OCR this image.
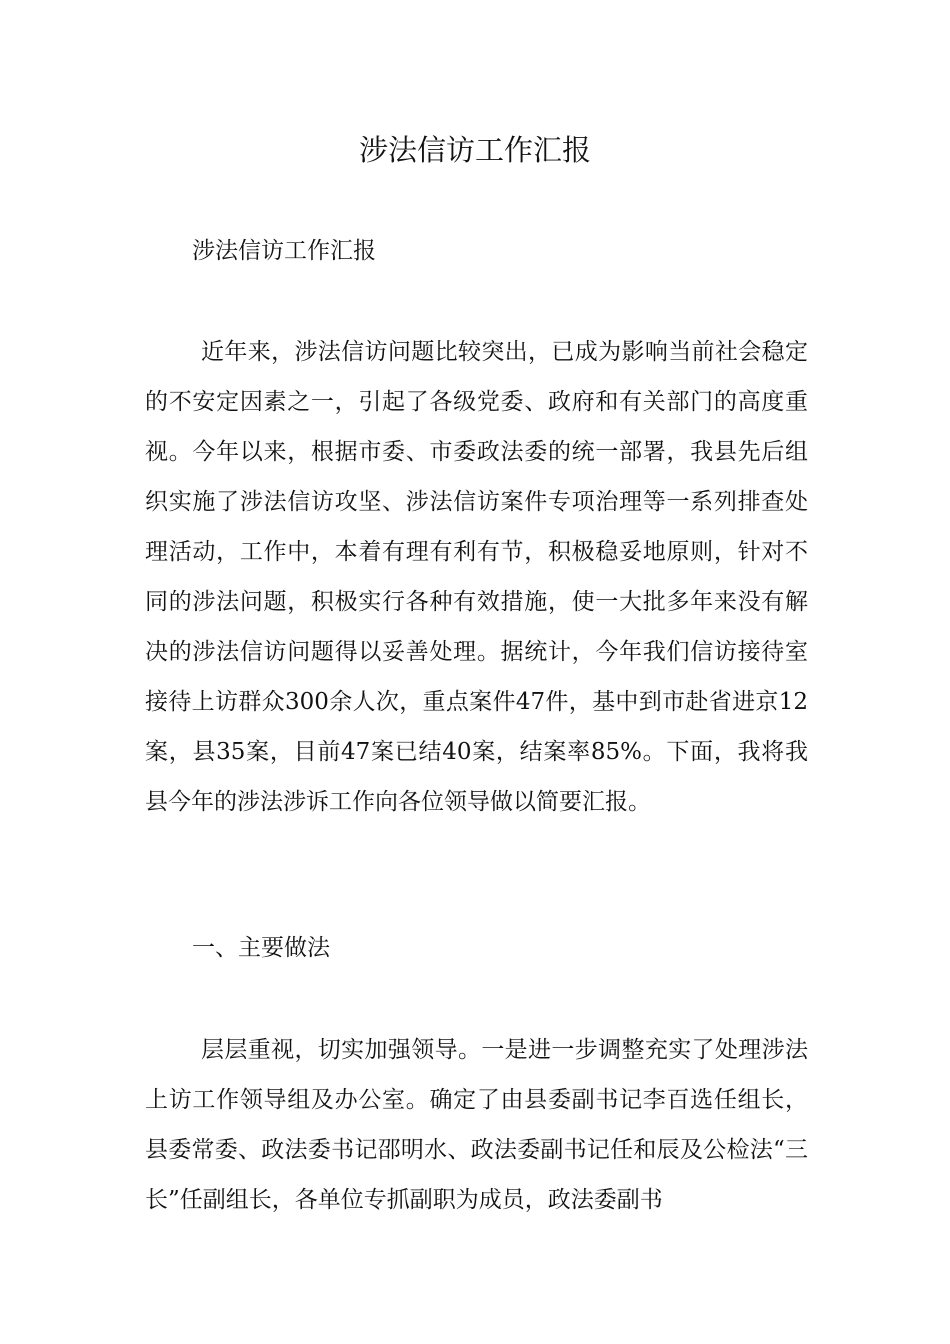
涉法信访工作汇报

涉法信访工作汇报

近年来，涉法信访问题比较突出，已成为影响当前社会稳定的不安定因素之一，引起了各级党委、政府和有关部门的高度重视。今年以来，根据市委、市委政法委的统一部署，我县先后组织实施了涉法信访攻坚、涉法信访案件专项治理等一系列排查处理活动，工作中，本着有理有利有节，积极稳妥地原则，针对不同的涉法问题，积极实行各种有效措施，使一大批多年来没有解决的涉法信访问题得以妥善处理。据统计，今年我们信访接待室接待上访群众300余人次，重点案件47件，基中到市赴省进京12案，县35案，目前47案已结40案，结案率85%。下面，我将我县今年的涉法涉诉工作向各位领导做以简要汇报。

一、主要做法

层层重视，切实加强领导。一是进一步调整充实了处理涉法上访工作领导组及办公室。确定了由县委副书记李百选任组长，县委常委、政法委书记邵明水、政法委副书记任和辰及公检法“三长”任副组长，各单位专抓副职为成员，政法委副书
